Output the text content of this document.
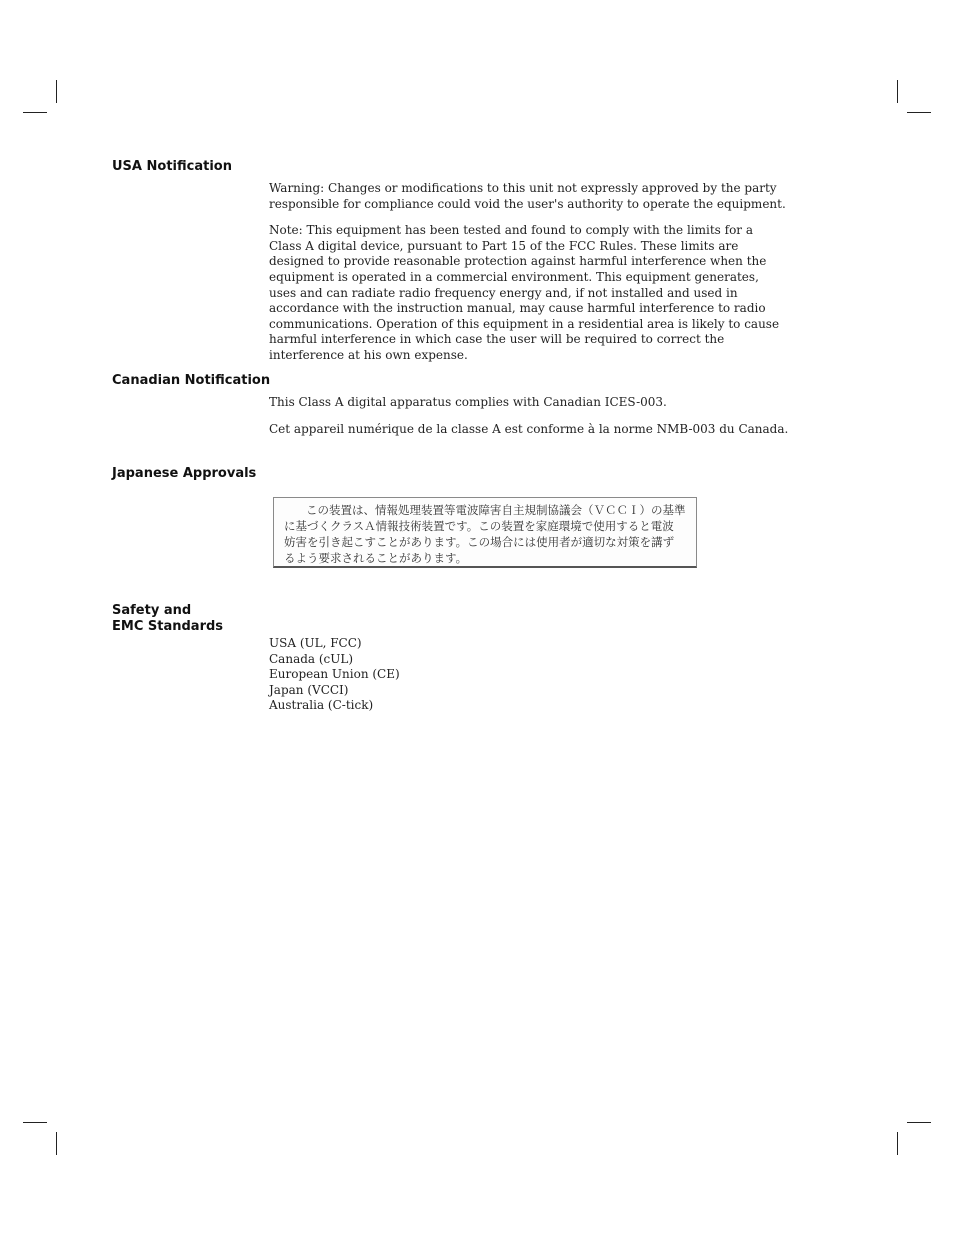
USA Notification

Warning: Changes or modifications to this unit not expressly approved by the party responsible for compliance could void the user's authority to operate the equipment.

Note: This equipment has been tested and found to comply with the limits for a Class A digital device, pursuant to Part 15 of the FCC Rules. These limits are designed to provide reasonable protection against harmful interference when the equipment is operated in a commercial environment. This equipment generates, uses and can radiate radio frequency energy and, if not installed and used in accordance with the instruction manual, may cause harmful interference to radio communications. Operation of this equipment in a residential area is likely to cause harmful interference in which case the user will be required to correct the interference at his own expense.

Canadian Notification

This Class A digital apparatus complies with Canadian ICES-003.

Cet appareil numérique de la classe A est conforme à la norme NMB-003 du Canada.

Japanese Approvals
この装置は、情報処理装置等電波障害自主規制協議会（ＶＣＣＩ）の基準
に基づくクラスＡ情報技術装置です。この装置を家庭環境で使用すると電波
妨害を引き起こすことがあります。この場合には使用者が適切な対策を講ず
るよう要求されることがあります。
Safety and
EMC Standards
USA (UL, FCC)
Canada (cUL)
European Union (CE)
Japan (VCCI)
Australia (C-tick)
